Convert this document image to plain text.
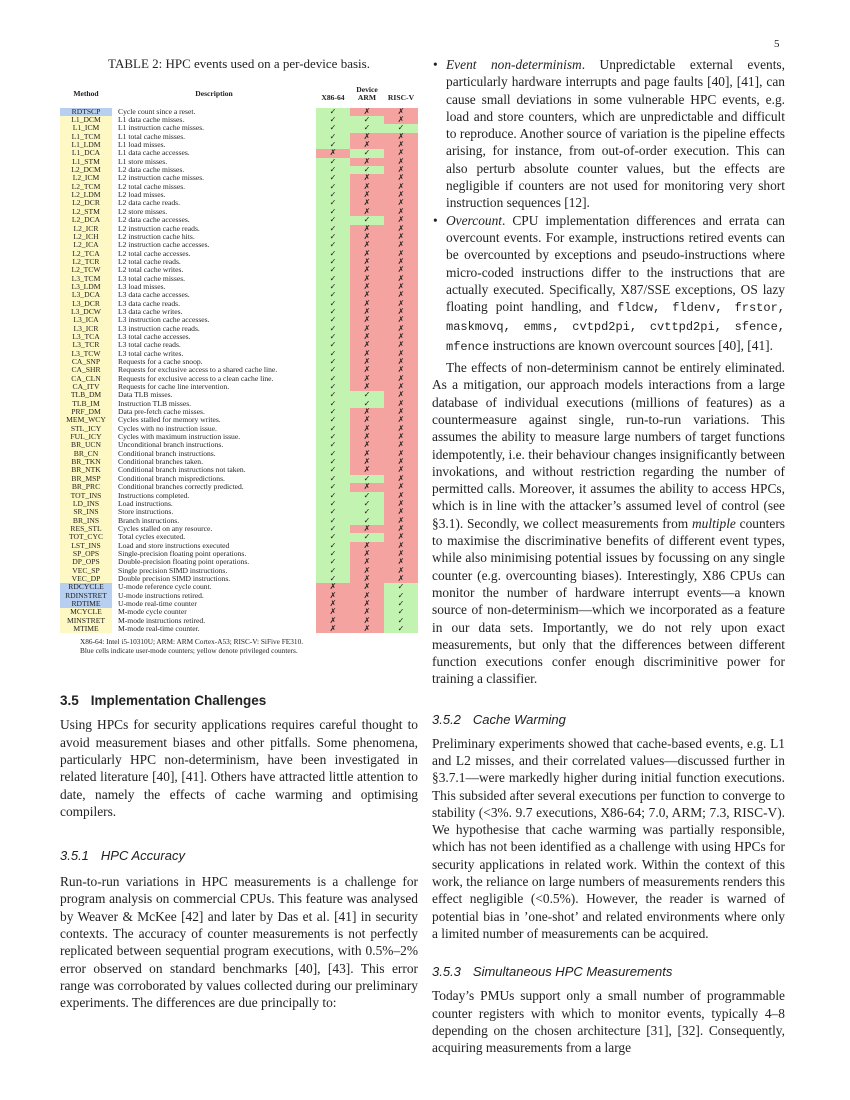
5
TABLE 2: HPC events used on a per-device basis.
Method	Description	Device		
		X86-64	ARM	RISC-V

RDTSCP	Cycle count since a reset.	✓	✗	✗
L1_DCM	L1 data cache misses.	✓	✓	✗
L1_ICM	L1 instruction cache misses.	✓	✓	✓
L1_TCM	L1 total cache misses.	✓	✗	✗
L1_LDM	L1 load misses.	✓	✗	✗
L1_DCA	L1 data cache accesses.	✗	✓	✗
L1_STM	L1 store misses.	✓	✗	✗
L2_DCM	L2 data cache misses.	✓	✓	✗
L2_ICM	L2 instruction cache misses.	✓	✗	✗
L2_TCM	L2 total cache misses.	✓	✗	✗
L2_LDM	L2 load misses.	✓	✗	✗
L2_DCR	L2 data cache reads.	✓	✗	✗
L2_STM	L2 store misses.	✓	✗	✗
L2_DCA	L2 data cache accesses.	✓	✓	✗
L2_ICR	L2 instruction cache reads.	✓	✗	✗
L2_ICH	L2 instruction cache hits.	✓	✗	✗
L2_ICA	L2 instruction cache accesses.	✓	✗	✗
L2_TCA	L2 total cache accesses.	✓	✗	✗
L2_TCR	L2 total cache reads.	✓	✗	✗
L2_TCW	L2 total cache writes.	✓	✗	✗
L3_TCM	L3 total cache misses.	✓	✗	✗
L3_LDM	L3 load misses.	✓	✗	✗
L3_DCA	L3 data cache accesses.	✓	✗	✗
L3_DCR	L3 data cache reads.	✓	✗	✗
L3_DCW	L3 data cache writes.	✓	✗	✗
L3_ICA	L3 instruction cache accesses.	✓	✗	✗
L3_ICR	L3 instruction cache reads.	✓	✗	✗
L3_TCA	L3 total cache accesses.	✓	✗	✗
L3_TCR	L3 total cache reads.	✓	✗	✗
L3_TCW	L3 total cache writes.	✓	✗	✗
CA_SNP	Requests for a cache snoop.	✓	✗	✗
CA_SHR	Requests for exclusive access to a shared cache line.	✓	✗	✗
CA_CLN	Requests for exclusive access to a clean cache line.	✓	✗	✗
CA_ITV	Requests for cache line intervention.	✓	✗	✗
TLB_DM	Data TLB misses.	✓	✓	✗
TLB_IM	Instruction TLB misses.	✓	✓	✗
PRF_DM	Data pre-fetch cache misses.	✓	✗	✗
MEM_WCY	Cycles stalled for memory writes.	✓	✗	✗
STL_ICY	Cycles with no instruction issue.	✓	✗	✗
FUL_ICY	Cycles with maximum instruction issue.	✓	✗	✗
BR_UCN	Unconditional branch instructions.	✓	✗	✗
BR_CN	Conditional branch instructions.	✓	✗	✗
BR_TKN	Conditional branches taken.	✓	✗	✗
BR_NTK	Conditional branch instructions not taken.	✓	✗	✗
BR_MSP	Conditional branch mispredictions.	✓	✓	✗
BR_PRC	Conditional branches correctly predicted.	✓	✗	✗
TOT_INS	Instructions completed.	✓	✓	✗
LD_INS	Load instructions.	✓	✓	✗
SR_INS	Store instructions.	✓	✓	✗
BR_INS	Branch instructions.	✓	✓	✗
RES_STL	Cycles stalled on any resource.	✓	✗	✗
TOT_CYC	Total cycles executed.	✓	✓	✗
LST_INS	Load and store instructions executed	✓	✗	✗
SP_OPS	Single-precision floating point operations.	✓	✗	✗
DP_OPS	Double-precision floating point operations.	✓	✗	✗
VEC_SP	Single precision SIMD instructions.	✓	✗	✗
VEC_DP	Double precision SIMD instructions.	✓	✗	✗
RDCYCLE	U-mode reference cycle count.	✗	✗	✓
RDINSTRET	U-mode instructions retired.	✗	✗	✓
RDTIME	U-mode real-time counter	✗	✗	✓
MCYCLE	M-mode cycle counter	✗	✗	✓
MINSTRET	M-mode instructions retired.	✗	✗	✓
MTIME	M-mode real-time counter.	✗	✗	✓
X86-64: Intel i5-10310U; ARM: ARM Cortex-A53; RISC-V: SiFive FE310.
Blue cells indicate user-mode counters; yellow denote privileged counters.
3.5 Implementation Challenges

Using HPCs for security applications requires careful thought to avoid measurement biases and other pitfalls. Some phenomena, particularly HPC non-determinism, have been investigated in related literature [40], [41]. Others have attracted little attention to date, namely the effects of cache warming and optimising compilers.

3.5.1 HPC Accuracy

Run-to-run variations in HPC measurements is a challenge for program analysis on commercial CPUs. This feature was analysed by Weaver & McKee [42] and later by Das et al. [41] in security contexts. The accuracy of counter measurements is not perfectly replicated between sequential program executions, with 0.5%–2% error observed on standard benchmarks [40], [43]. This error range was corroborated by values collected during our preliminary experiments. The differences are due principally to:

• Event non-determinism. Unpredictable external events, particularly hardware interrupts and page faults [40], [41], can cause small deviations in some vulnerable HPC events, e.g. load and store counters, which are unpredictable and difficult to reproduce. Another source of variation is the pipeline effects arising, for instance, from out-of-order execution. This can also perturb absolute counter values, but the effects are negligible if counters are not used for monitoring very short instruction sequences [12].
• Overcount. CPU implementation differences and errata can overcount events. For example, instructions retired events can be overcounted by exceptions and pseudo-instructions where micro-coded instructions differ to the instructions that are actually executed. Specifically, X87/SSE exceptions, OS lazy floating point handling, and fldcw, fldenv, frstor, maskmovq, emms, cvtpd2pi, cvttpd2pi, sfence, mfence instructions are known overcount sources [40], [41].

The effects of non-determinism cannot be entirely eliminated. As a mitigation, our approach models interactions from a large database of individual executions (millions of features) as a countermeasure against single, run-to-run variations. This assumes the ability to measure large numbers of target functions idempotently, i.e. their behaviour changes insignificantly between invokations, and without restriction regarding the number of permitted calls. Moreover, it assumes the ability to access HPCs, which is in line with the attacker’s assumed level of control (see §3.1). Secondly, we collect measurements from multiple counters to maximise the discriminative benefits of different event types, while also minimising potential issues by focussing on any single counter (e.g. overcounting biases). Interestingly, X86 CPUs can monitor the number of hardware interrupt events—a known source of non-determinism—which we incorporated as a feature in our data sets. Importantly, we do not rely upon exact measurements, but only that the differences between different function executions confer enough discriminitive power for training a classifier.

3.5.2 Cache Warming

Preliminary experiments showed that cache-based events, e.g. L1 and L2 misses, and their correlated values—discussed further in §3.7.1—were markedly higher during initial function executions. This subsided after several executions per function to converge to stability (<3%. 9.7 executions, X86-64; 7.0, ARM; 7.3, RISC-V). We hypothesise that cache warming was partially responsible, which has not been identified as a challenge with using HPCs for security applications in related work. Within the context of this work, the reliance on large numbers of measurements renders this effect negligible (<0.5%). However, the reader is warned of potential bias in ’one-shot’ and related environments where only a limited number of measurements can be acquired.

3.5.3 Simultaneous HPC Measurements

Today’s PMUs support only a small number of programmable counter registers with which to monitor events, typically 4–8 depending on the chosen architecture [31], [32]. Consequently, acquiring measurements from a large
